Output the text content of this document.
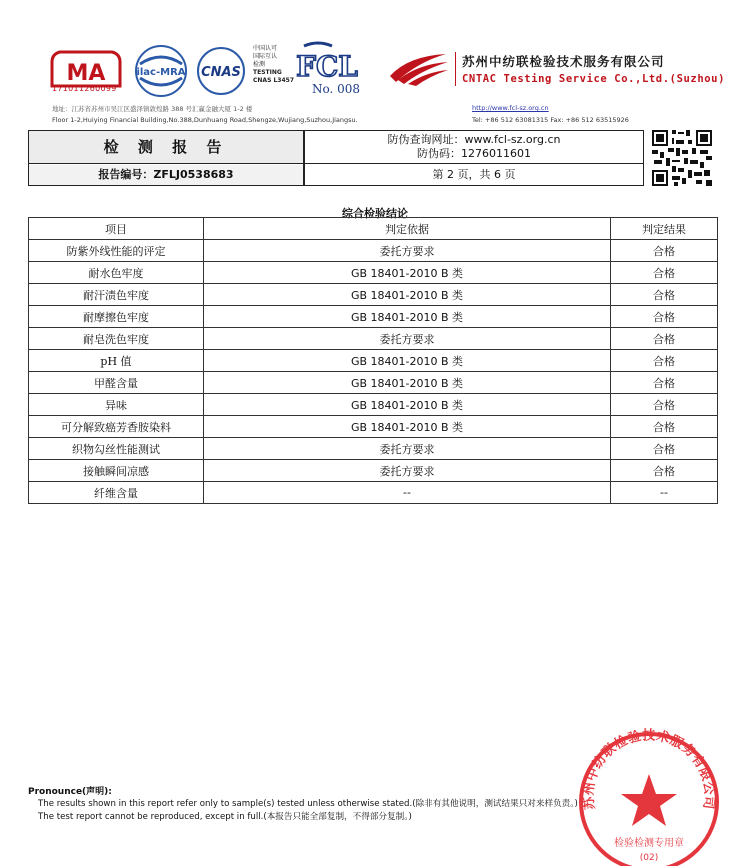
MA
171011260099
ilac-MRA CNAS
中国认可
国际互认
检测
TESTING
CNAS L3457 FCL
No. 008
苏州中纺联检验技术服务有限公司
CNTAC Testing Service Co.,Ltd.(Suzhou)
地址：江苏省苏州市吴江区盛泽镇敦煌路 388 号汇赢金融大厦 1-2 楼
Floor 1-2,Huiying Financial Building,No.388,Dunhuang Road,Shengze,Wujiang,Suzhou,Jiangsu.
http://www.fcl-sz.org.cn
Tel: +86 512 63081315 Fax: +86 512 63515926
检 测 报 告	防伪查询网址：www.fcl-sz.org.cn
防伪码：1276011601
报告编号：ZFLJ0538683	第 2 页，共 6 页
综合检验结论
项目	判定依据	判定结果
防紫外线性能的评定	委托方要求	合格
耐水色牢度	GB 18401-2010 B 类	合格
耐汗渍色牢度	GB 18401-2010 B 类	合格
耐摩擦色牢度	GB 18401-2010 B 类	合格
耐皂洗色牢度	委托方要求	合格
pH 值	GB 18401-2010 B 类	合格
甲醛含量	GB 18401-2010 B 类	合格
异味	GB 18401-2010 B 类	合格
可分解致癌芳香胺染料	GB 18401-2010 B 类	合格
织物勾丝性能测试	委托方要求	合格
接触瞬间凉感	委托方要求	合格
纤维含量	--	--
Pronounce(声明):
The results shown in this report refer only to sample(s) tested unless otherwise stated.(除非有其他说明，测试结果只对来样负责。)
The test report cannot be reproduced, except in full.(本报告只能全部复制，不得部分复制。)
苏州中纺联检验技术服务有限公司
检验检测专用章
(02)
